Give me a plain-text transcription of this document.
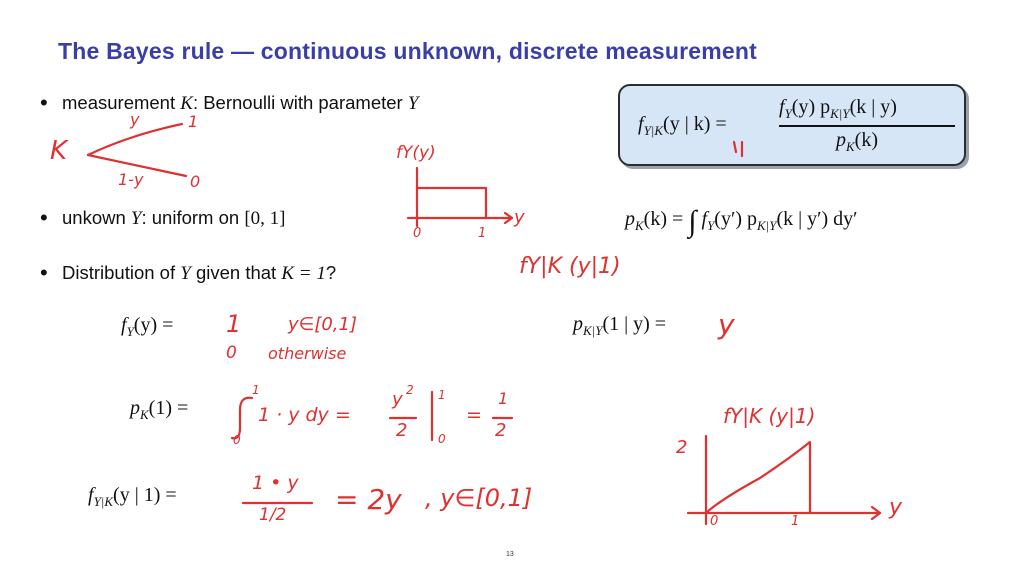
The Bayes rule — continuous unknown, discrete measurement
• measurement K: Bernoulli with parameter Y
• unkown Y: uniform on [0, 1]
• Distribution of Y given that K = 1?
$f_{Y|K}(y$ | k) =
$f_Y(y)$ $p_{K|Y}(k$ | y)
$p_K(k)$
$p_K(k)$ = ∫ $f_Y(y')$ $p_{K|Y}(k$ | y′) dy′
$f_Y(y)$ =	$p_{K|Y}(1$ | y) =
$p_K(1)$ =
$f_{Y|K}(y$ | 1) =
K
y	1
1-y	0
fY(y)
0	1
y
fY|K (y|1)
1	y∈[0,1]
0 otherwise
y
0
1
1 · y dy =
y 2
2
1
0
=
1
2
1 • y
1/2 = 2y , y∈[0,1]
fY|K (y|1)
2
0	1
y
13
